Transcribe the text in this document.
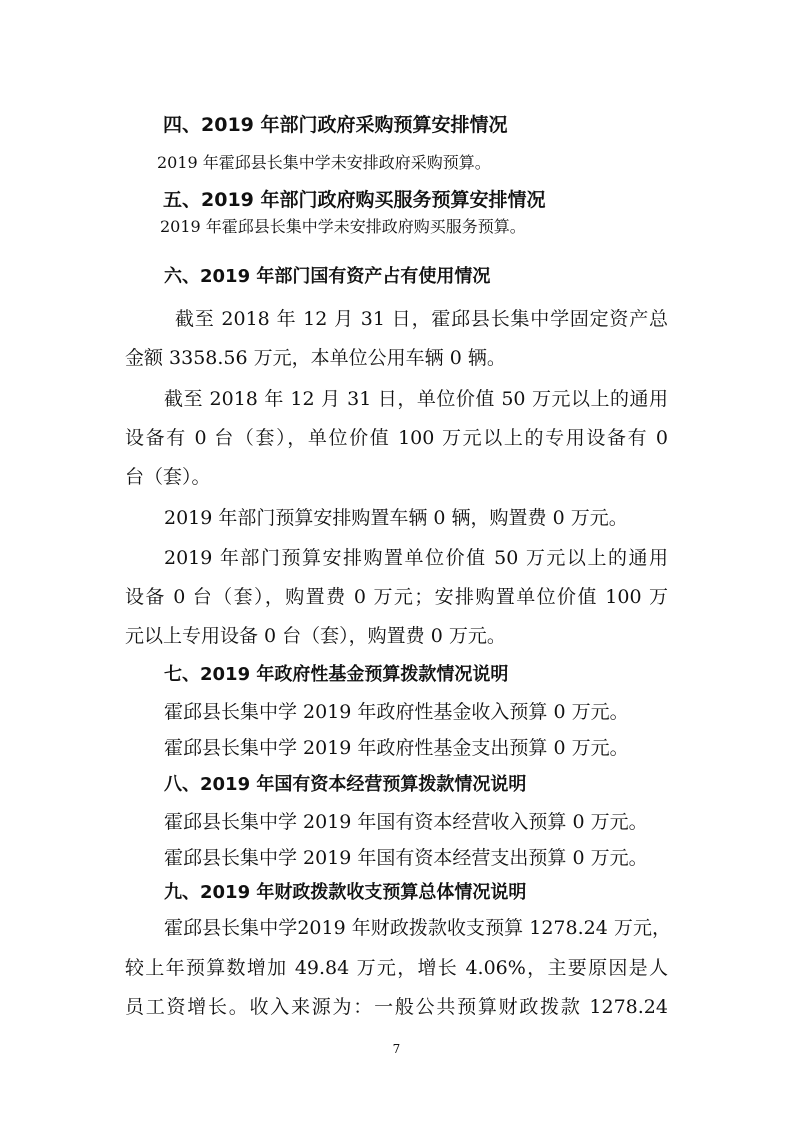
四、2019 年部门政府采购预算安排情况
2019 年霍邱县长集中学未安排政府采购预算。
五、2019 年部门政府购买服务预算安排情况
2019 年霍邱县长集中学未安排政府购买服务预算。
六、2019 年部门国有资产占有使用情况
截至 2018 年 12 月 31 日，霍邱县长集中学固定资产总
金额 3358.56 万元，本单位公用车辆 0 辆。
截至 2018 年 12 月 31 日，单位价值 50 万元以上的通用
设备有 0 台（套），单位价值 100 万元以上的专用设备有 0
台（套）。
2019 年部门预算安排购置车辆 0 辆，购置费 0 万元。
2019 年部门预算安排购置单位价值 50 万元以上的通用
设备 0 台（套），购置费 0 万元；安排购置单位价值 100 万
元以上专用设备 0 台（套），购置费 0 万元。
七、2019 年政府性基金预算拨款情况说明
霍邱县长集中学 2019 年政府性基金收入预算 0 万元。
霍邱县长集中学 2019 年政府性基金支出预算 0 万元。
八、2019 年国有资本经营预算拨款情况说明
霍邱县长集中学 2019 年国有资本经营收入预算 0 万元。
霍邱县长集中学 2019 年国有资本经营支出预算 0 万元。
九、2019 年财政拨款收支预算总体情况说明
霍邱县长集中学2019 年财政拨款收支预算 1278.24 万元，
较上年预算数增加 49.84 万元，增长 4.06%，主要原因是人
员工资增长。收入来源为：一般公共预算财政拨款 1278.24
7
